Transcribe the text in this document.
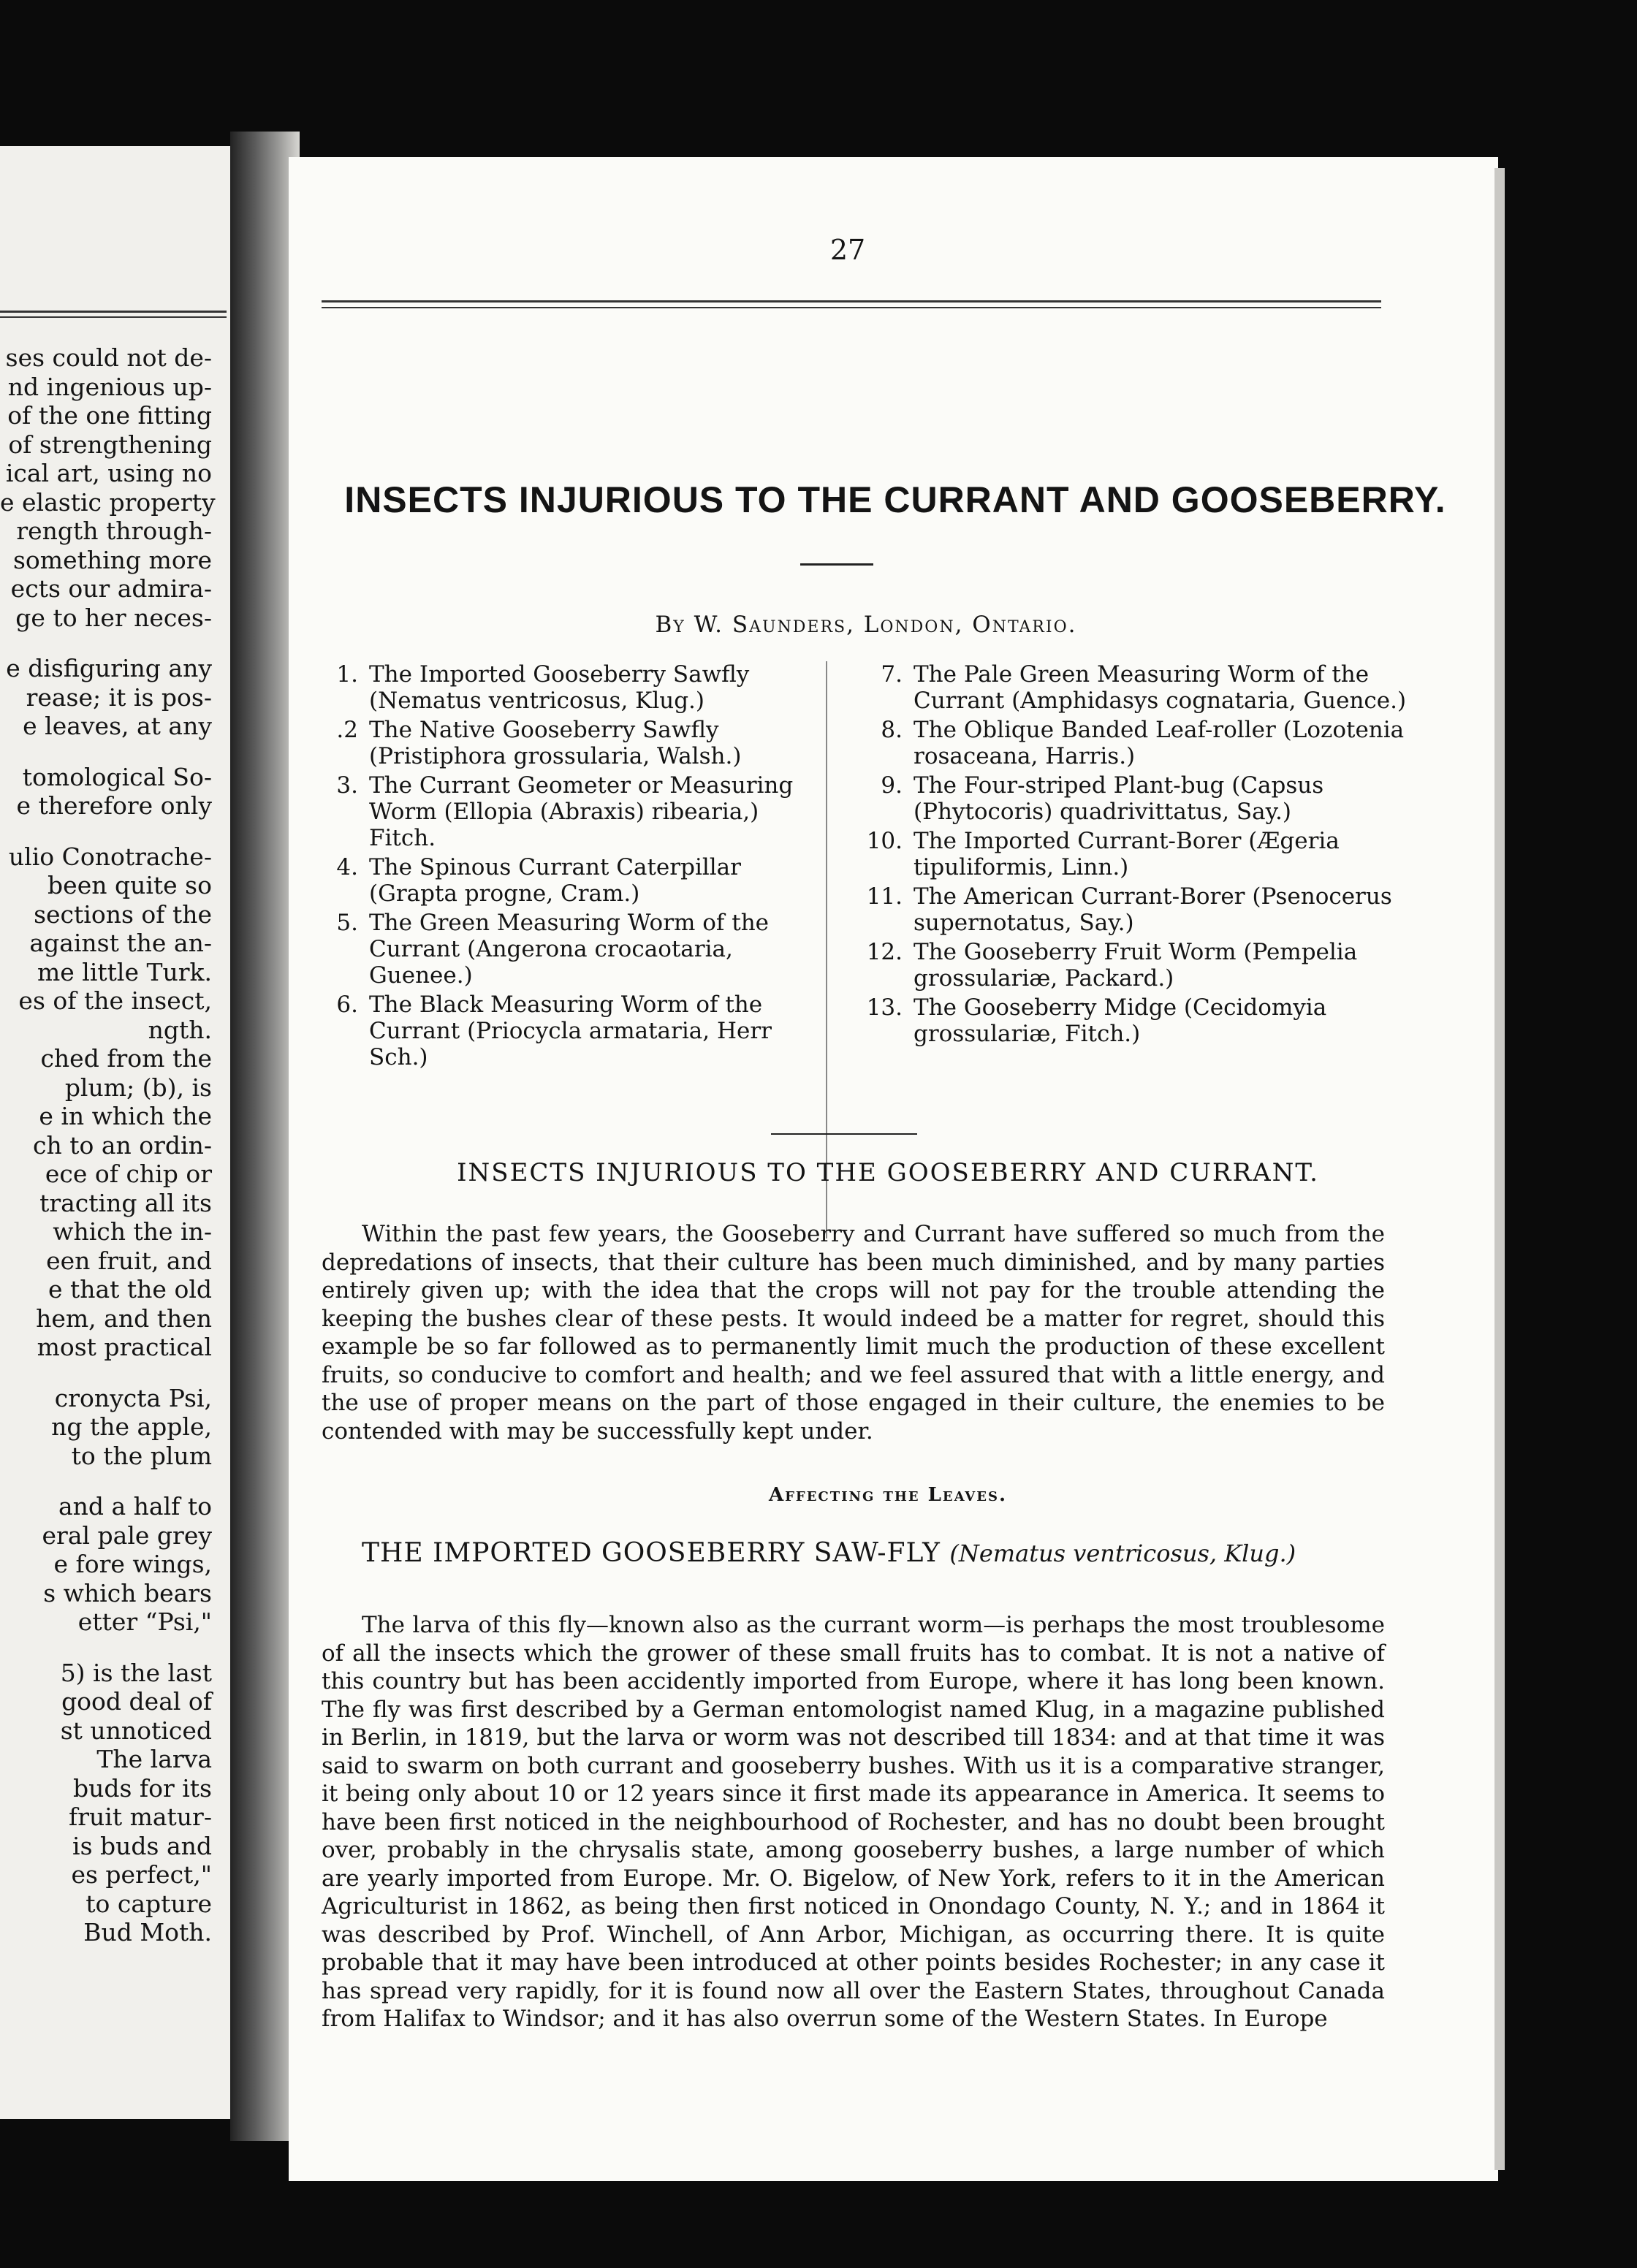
ses could not de-
nd ingenious up-
of the one fitting
of strengthening
ical art, using no
e elastic property
rength through-
something more
ects our admira-
ge to her neces-
e disfiguring any
rease; it is pos-
e leaves, at any
tomological So-
e therefore only
ulio Conotrache-
been quite so
sections of the
against the an-
me little Turk.
es of the insect,
ngth.
ched from the
plum; (b), is
e in which the
ch to an ordin-
ece of chip or
tracting all its
which the in-
een fruit, and
e that the old
hem, and then
most practical
cronycta Psi,
ng the apple,
to the plum
and a half to
eral pale grey
e fore wings,
s which bears
etter “Psi,"
5) is the last
good deal of
st unnoticed
The larva
buds for its
fruit matur-
is buds and
es perfect,"
to capture
Bud Moth.
27
INSECTS INJURIOUS TO THE CURRANT AND GOOSEBERRY.
By W. Saunders, London, Ontario.
1. The Imported Gooseberry Sawfly (Nematus ventricosus, Klug.)
.2 The Native Gooseberry Sawfly (Pristiphora grossularia, Walsh.)
3. The Currant Geometer or Measuring Worm (Ellopia (Abraxis) ribearia,) Fitch.
4. The Spinous Currant Caterpillar (Grapta progne, Cram.)
5. The Green Measuring Worm of the Currant (Angerona crocaotaria, Guenee.)
6. The Black Measuring Worm of the Currant (Priocycla armataria, Herr Sch.)
7. The Pale Green Measuring Worm of the Currant (Amphidasys cognataria, Guence.)
8. The Oblique Banded Leaf-roller (Lozotenia rosaceana, Harris.)
9. The Four-striped Plant-bug (Capsus (Phytocoris) quadrivittatus, Say.)
10. The Imported Currant-Borer (Ægeria tipuliformis, Linn.)
11. The American Currant-Borer (Psenocerus supernotatus, Say.)
12. The Gooseberry Fruit Worm (Pempelia grossulariæ, Packard.)
13. The Gooseberry Midge (Cecidomyia grossulariæ, Fitch.)
INSECTS INJURIOUS TO THE GOOSEBERRY AND CURRANT.
Within the past few years, the Gooseberry and Currant have suffered so much from the depredations of insects, that their culture has been much diminished, and by many parties entirely given up; with the idea that the crops will not pay for the trouble attending the keeping the bushes clear of these pests. It would indeed be a matter for regret, should this example be so far followed as to permanently limit much the production of these excellent fruits, so conducive to comfort and health; and we feel assured that with a little energy, and the use of proper means on the part of those engaged in their culture, the enemies to be contended with may be successfully kept under.
Affecting the Leaves.
THE IMPORTED GOOSEBERRY SAW-FLY (Nematus ventricosus, Klug.)
The larva of this fly—known also as the currant worm—is perhaps the most troublesome of all the insects which the grower of these small fruits has to combat. It is not a native of this country but has been accidently imported from Europe, where it has long been known. The fly was first described by a German entomologist named Klug, in a magazine published in Berlin, in 1819, but the larva or worm was not described till 1834: and at that time it was said to swarm on both currant and gooseberry bushes. With us it is a comparative stranger, it being only about 10 or 12 years since it first made its appearance in America. It seems to have been first noticed in the neighbourhood of Rochester, and has no doubt been brought over, probably in the chrysalis state, among gooseberry bushes, a large number of which are yearly imported from Europe. Mr. O. Bigelow, of New York, refers to it in the American Agriculturist in 1862, as being then first noticed in Onondago County, N. Y.; and in 1864 it was described by Prof. Winchell, of Ann Arbor, Michigan, as occurring there. It is quite probable that it may have been introduced at other points besides Rochester; in any case it has spread very rapidly, for it is found now all over the Eastern States, throughout Canada from Halifax to Windsor; and it has also overrun some of the Western States. In Europe
